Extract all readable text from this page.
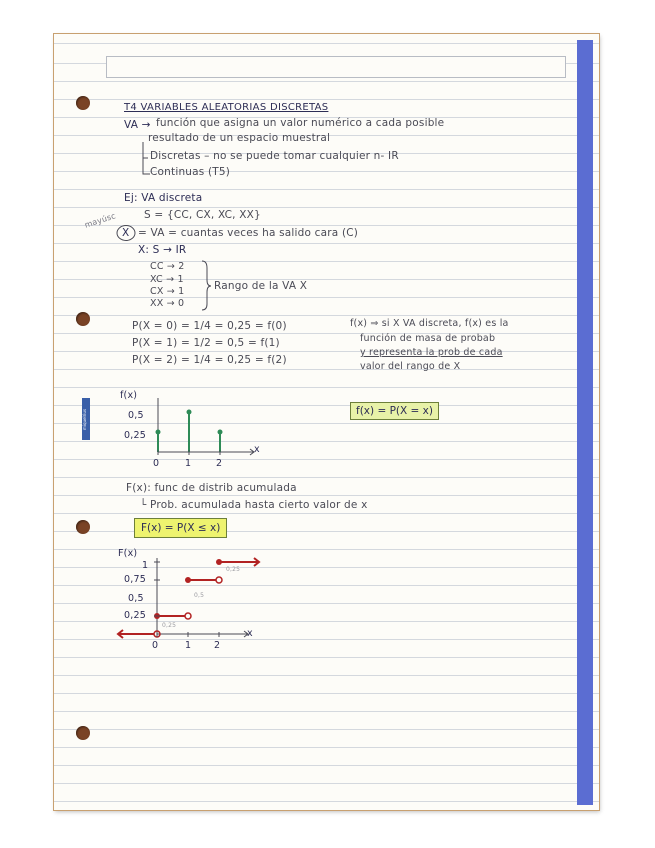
miquelrius
T4 VARIABLES ALEATORIAS DISCRETAS
VA → función que asigna un valor numérico a cada posible
resultado de un espacio muestral
Discretas – no se puede tomar cualquier n- IR
Continuas (T5)
Ej: VA discreta
S = {CC, CX, XC, XX}
mayúsc
X = VA = cuantas veces ha salido cara (C)
X: S → IR
CC → 2
XC → 1
CX → 1
XX → 0
Rango de la VA X
P(X = 0) = 1/4 = 0,25 = f(0)
P(X = 1) = 1/2 = 0,5 = f(1)
P(X = 2) = 1/4 = 0,25 = f(2)
f(x) ⇒ si X VA discreta, f(x) es la
función de masa de probab
y representa la prob de cada
valor del rango de X
f(x) = P(X = x)
f(x)
0,5
0,25
0	1	2
x
F(x): func de distrib acumulada
└ Prob. acumulada hasta cierto valor de x
F(x) = P(X ≤ x)
F(x)
1
0,75
0,5
0,25
0	1 2
x
0,25
0,5
0,25
